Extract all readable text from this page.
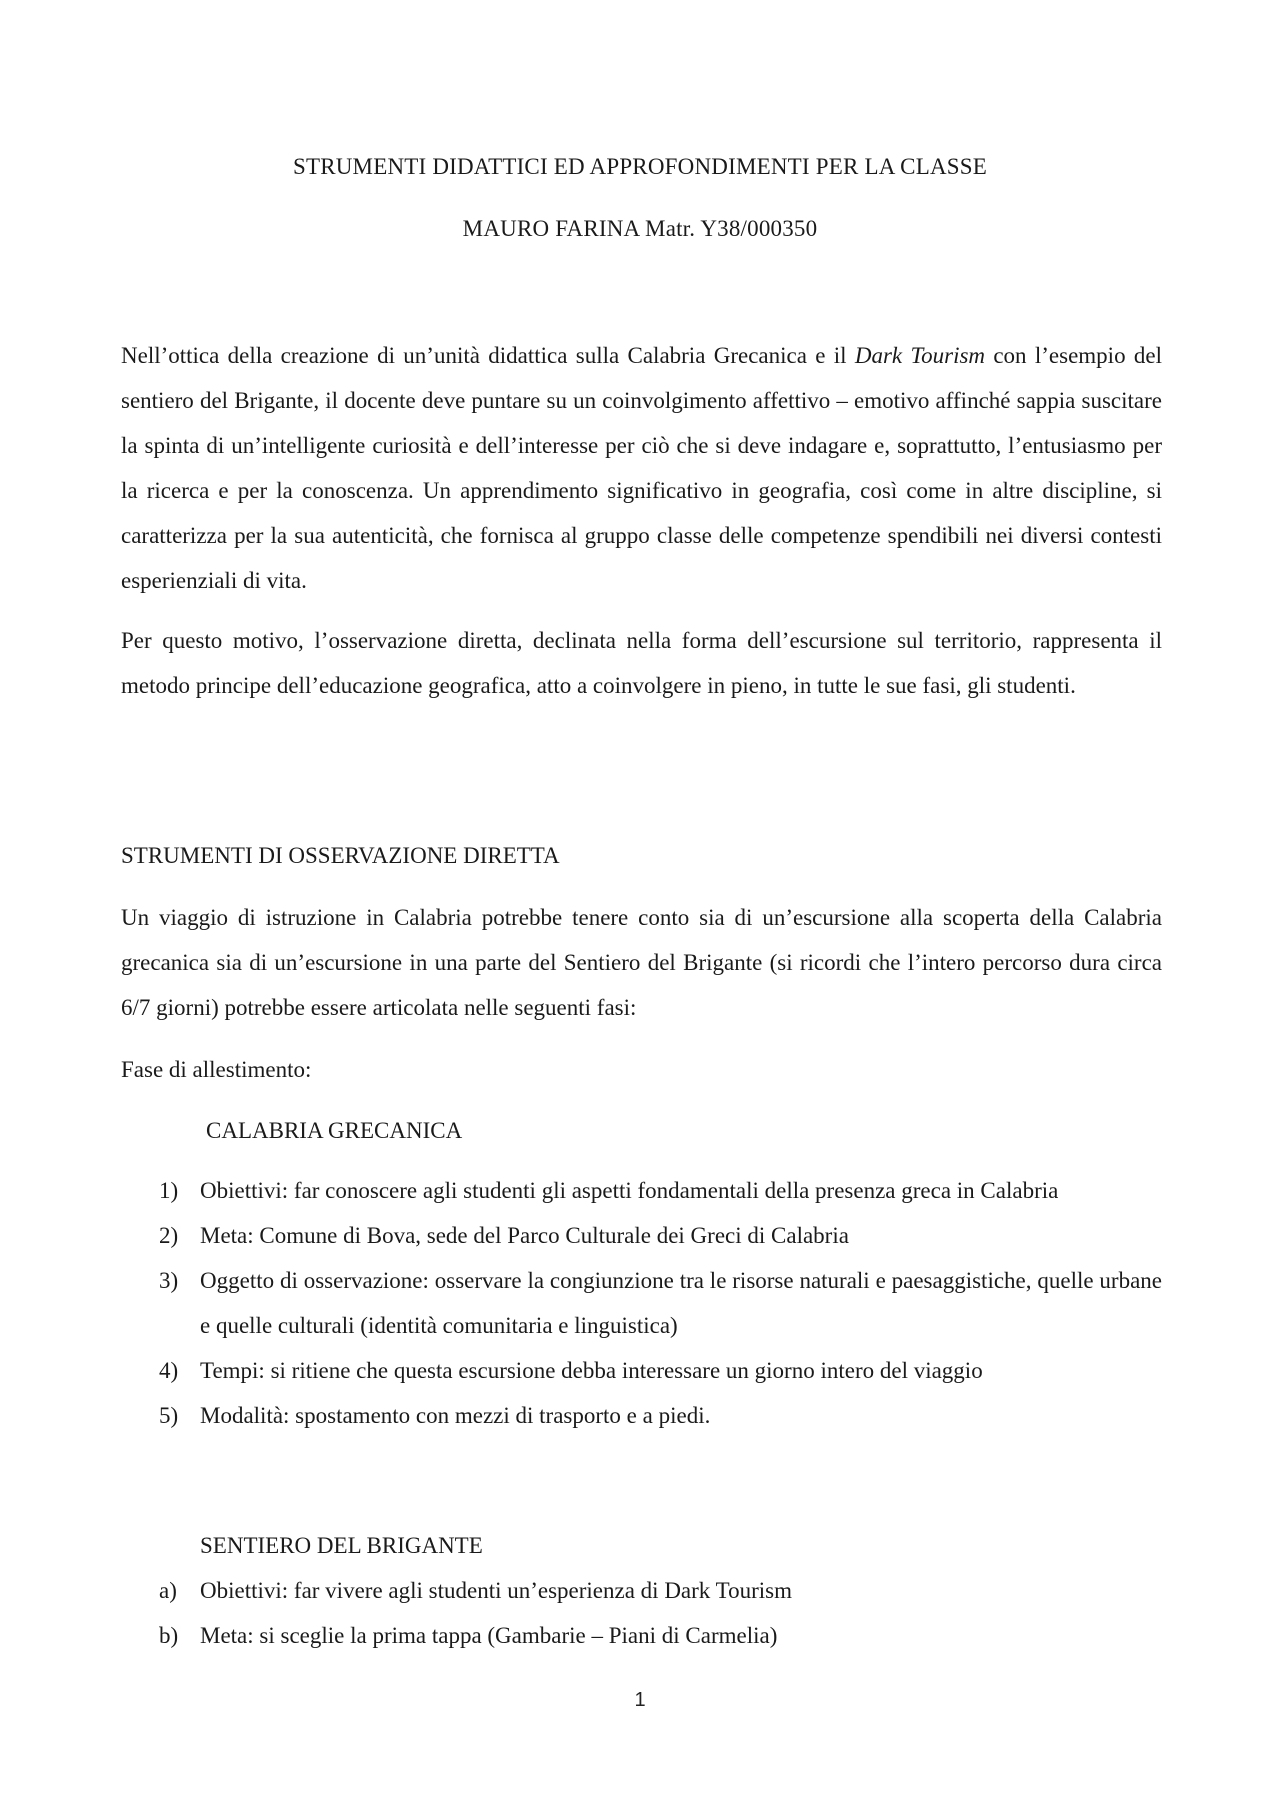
STRUMENTI DIDATTICI ED APPROFONDIMENTI PER LA CLASSE
MAURO FARINA Matr. Y38/000350

Nell’ottica della creazione di un’unità didattica sulla Calabria Grecanica e il Dark Tourism con l’esempio del sentiero del Brigante, il docente deve puntare su un coinvolgimento affettivo – emotivo affinché sappia suscitare la spinta di un’intelligente curiosità e dell’interesse per ciò che si deve indagare e, soprattutto, l’entusiasmo per la ricerca e per la conoscenza. Un apprendimento significativo in geografia, così come in altre discipline, si caratterizza per la sua autenticità, che fornisca al gruppo classe delle competenze spendibili nei diversi contesti esperienziali di vita.

Per questo motivo, l’osservazione diretta, declinata nella forma dell’escursione sul territorio, rappresenta il metodo principe dell’educazione geografica, atto a coinvolgere in pieno, in tutte le sue fasi, gli studenti.

STRUMENTI DI OSSERVAZIONE DIRETTA

Un viaggio di istruzione in Calabria potrebbe tenere conto sia di un’escursione alla scoperta della Calabria grecanica sia di un’escursione in una parte del Sentiero del Brigante (si ricordi che l’intero percorso dura circa 6/7 giorni) potrebbe essere articolata nelle seguenti fasi:

Fase di allestimento:
CALABRIA GRECANICA
1) Obiettivi: far conoscere agli studenti gli aspetti fondamentali della presenza greca in Calabria
2) Meta: Comune di Bova, sede del Parco Culturale dei Greci di Calabria
3) Oggetto di osservazione: osservare la congiunzione tra le risorse naturali e paesaggistiche, quelle urbane e quelle culturali (identità comunitaria e linguistica)
4) Tempi: si ritiene che questa escursione debba interessare un giorno intero del viaggio
5) Modalità: spostamento con mezzi di trasporto e a piedi.
SENTIERO DEL BRIGANTE
a) Obiettivi: far vivere agli studenti un’esperienza di Dark Tourism
b) Meta: si sceglie la prima tappa (Gambarie – Piani di Carmelia)
1
